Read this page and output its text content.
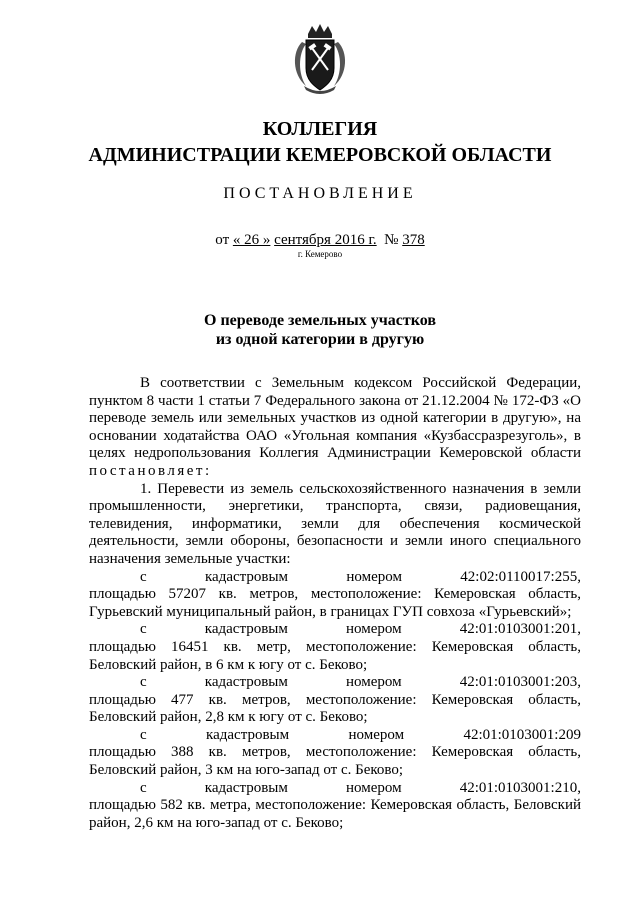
КОЛЛЕГИЯ
АДМИНИСТРАЦИИ КЕМЕРОВСКОЙ ОБЛАСТИ
ПОСТАНОВЛЕНИЕ
от « 26 » сентября 2016 г. № 378
г. Кемерово
О переводе земельных участков
из одной категории в другую

В соответствии с Земельным кодексом Российской Федерации, пунктом 8 части 1 статьи 7 Федерального закона от 21.12.2004 № 172-ФЗ «О переводе земель или земельных участков из одной категории в другую», на основании ходатайства ОАО «Угольная компания «Кузбассразрезуголь», в целях недропользования Коллегия Администрации Кемеровской области постановляет:

1. Перевести из земель сельскохозяйственного назначения в земли промышленности, энергетики, транспорта, связи, радиовещания, телевидения, информатики, земли для обеспечения космической деятельности, земли обороны, безопасности и земли иного специального назначения земельные участки:

с	кадастровым	номером	42:02:0110017:255,
площадью 57207 кв. метров, местоположение: Кемеровская область, Гурьевский муниципальный район, в границах ГУП совхоза «Гурьевский»;
с	кадастровым	номером	42:01:0103001:201,
площадью 16451 кв. метр, местоположение: Кемеровская область, Беловский район, в 6 км к югу от с. Беково;
с	кадастровым	номером	42:01:0103001:203,
площадью 477 кв. метров, местоположение: Кемеровская область, Беловский район, 2,8 км к югу от с. Беково;
с	кадастровым	номером	42:01:0103001:209
площадью 388 кв. метров, местоположение: Кемеровская область, Беловский район, 3 км на юго-запад от с. Беково;
с	кадастровым	номером	42:01:0103001:210,
площадью 582 кв. метра, местоположение: Кемеровская область, Беловский район, 2,6 км на юго-запад от с. Беково;
